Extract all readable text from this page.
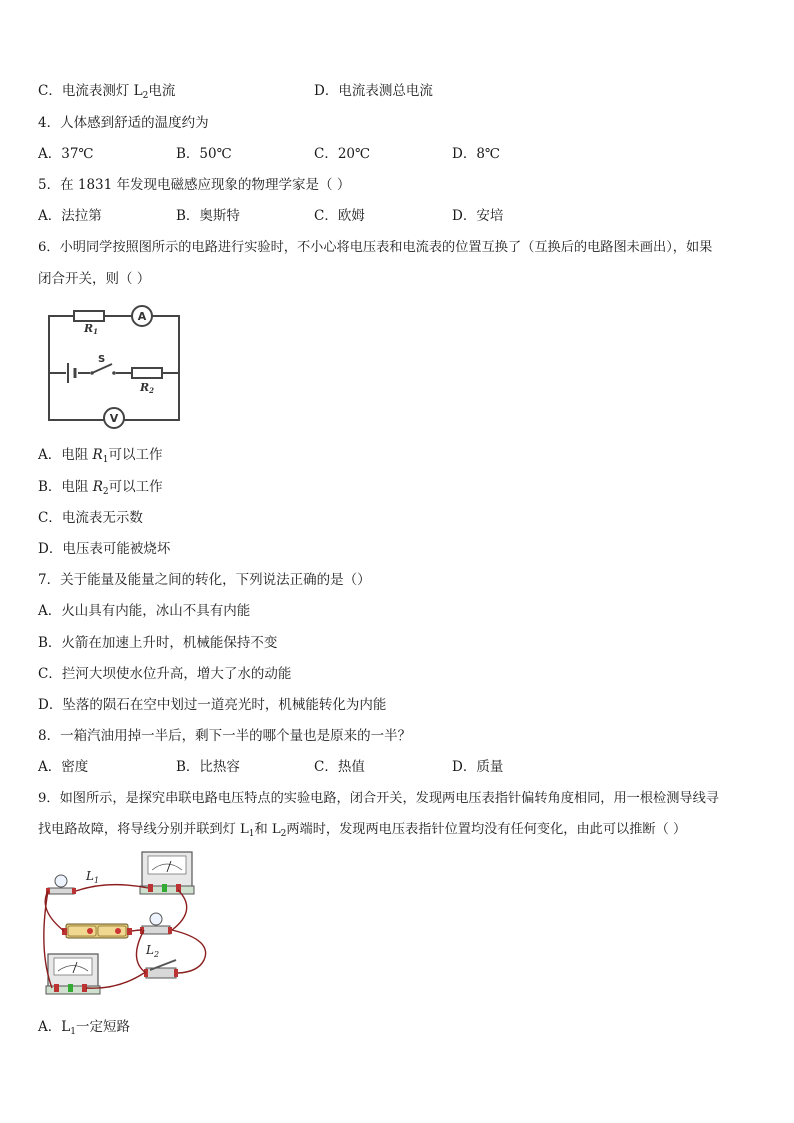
C．电流表测灯 $L_2$电流	D．电流表测总电流
4．人体感到舒适的温度约为
A．37℃	B．50℃	C．20℃	D．8℃
5．在 1831 年发现电磁感应现象的物理学家是（ ）
A．法拉第	B．奥斯特	C．欧姆	D．安培
6．小明同学按照图所示的电路进行实验时，不小心将电压表和电流表的位置互换了（互换后的电路图未画出），如果
闭合开关，则（ ）
R1
A
S
R2
V
A．电阻 $R_1$可以工作
B．电阻 $R_2$可以工作
C．电流表无示数
D．电压表可能被烧坏
7．关于能量及能量之间的转化，下列说法正确的是（）
A．火山具有内能，冰山不具有内能
B．火箭在加速上升时，机械能保持不变
C．拦河大坝使水位升高，增大了水的动能
D．坠落的陨石在空中划过一道亮光时，机械能转化为内能
8．一箱汽油用掉一半后，剩下一半的哪个量也是原来的一半？
A．密度	B．比热容	C．热值	D．质量
9．如图所示，是探究串联电路电压特点的实验电路，闭合开关，发现两电压表指针偏转角度相同，用一根检测导线寻
找电路故障，将导线分别并联到灯 $L_1$和 $L_2$两端时，发现两电压表指针位置均没有任何变化，由此可以推断（ ）
$L_1$
$L_2$
A．$L_1$一定短路
